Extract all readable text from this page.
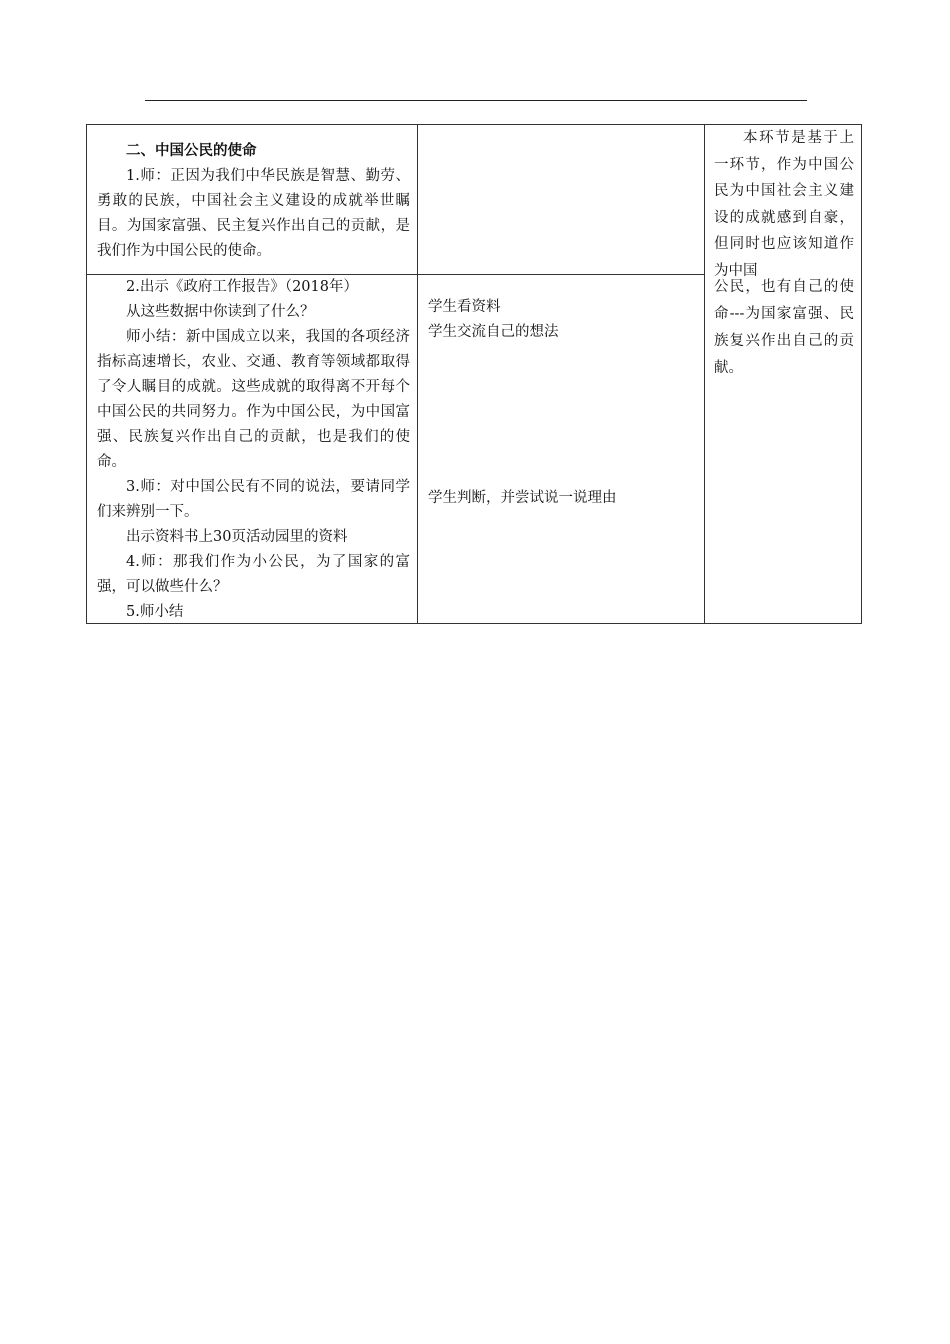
二、中国公民的使命

1.师：正因为我们中华民族是智慧、勤劳、勇敢的民族，中国社会主义建设的成就举世瞩目。为国家富强、民主复兴作出自己的贡献，是我们作为中国公民的使命。

2.出示《政府工作报告》（2018年）

从这些数据中你读到了什么？

师小结：新中国成立以来，我国的各项经济指标高速增长，农业、交通、教育等领域都取得了令人瞩目的成就。这些成就的取得离不开每个中国公民的共同努力。作为中国公民，为中国富强、民族复兴作出自己的贡献，也是我们的使命。

3.师：对中国公民有不同的说法，要请同学们来辨别一下。

出示资料书上30页活动园里的资料

4.师：那我们作为小公民，为了国家的富强，可以做些什么？

5.师小结

学生看资料

学生交流自己的想法

学生判断，并尝试说一说理由

本环节是基于上一环节，作为中国公民为中国社会主义建设的成就感到自豪，但同时也应该知道作为中国

公民，也有自己的使命---为国家富强、民族复兴作出自己的贡献。
